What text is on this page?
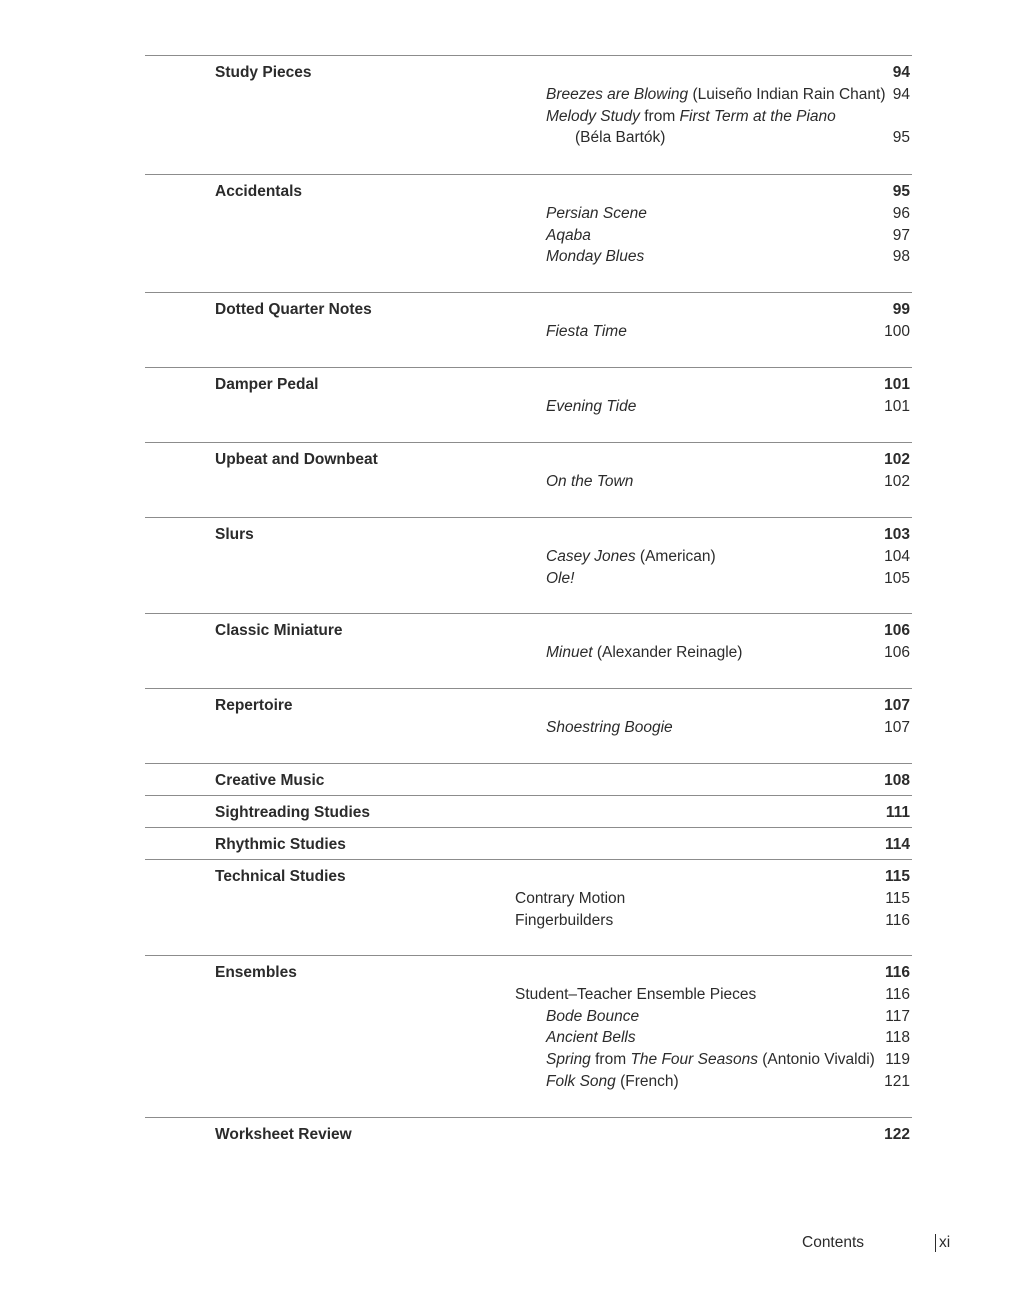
Study Pieces	94
Breezes are Blowing (Luiseño Indian Rain Chant) 94
Melody Study from First Term at the Piano
(Béla Bartók)	95
Accidentals	95
Persian Scene	96
Aqaba	97
Monday Blues	98
Dotted Quarter Notes	99
Fiesta Time	100
Damper Pedal	101
Evening Tide	101
Upbeat and Downbeat	102
On the Town	102
Slurs	103
Casey Jones (American)	104
Ole!	105
Classic Miniature	106
Minuet (Alexander Reinagle)	106
Repertoire	107
Shoestring Boogie	107
Creative Music	108
Sightreading Studies	111
Rhythmic Studies	114
Technical Studies	115
Contrary Motion	115
Fingerbuilders	116
Ensembles	116
Student–Teacher Ensemble Pieces	116
Bode Bounce	117
Ancient Bells	118
Spring from The Four Seasons (Antonio Vivaldi) 119
Folk Song (French)	121
Worksheet Review	122
Contents	xi
